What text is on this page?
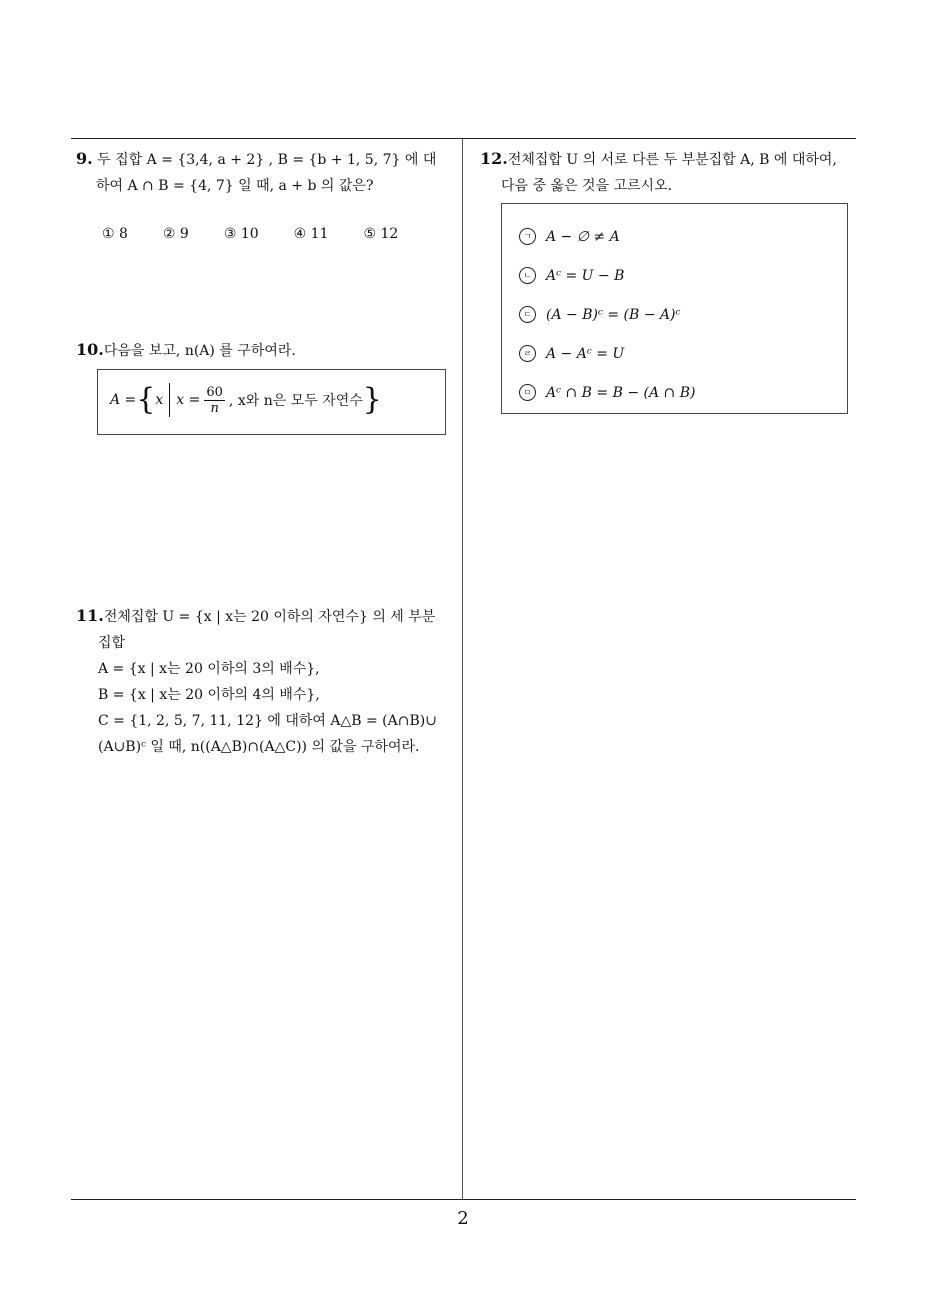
9. 두 집합 A = {3,4, a + 2} , B = {b + 1, 5, 7} 에 대
하여 A ∩ B = {4, 7} 일 때, a + b 의 값은?
① 8	② 9	③ 10	④ 11	⑤ 12
10.다음을 보고, n(A) 를 구하여라.
A = { x $x = \frac{60}{n}$ , x와 n은 모두 자연수 }
11.전체집합 U = {x | x는 20 이하의 자연수} 의 세 부분
집합
A = {x | x는 20 이하의 3의 배수},
B = {x | x는 20 이하의 4의 배수},
C = {1, 2, 5, 7, 11, 12} 에 대하여 A△B = (A∩B)∪
(A∪B)ᶜ 일 때, n((A△B)∩(A△C)) 의 값을 구하여라.
12.전체집합 U 의 서로 다른 두 부분집합 A, B 에 대하여,
다음 중 옳은 것을 고르시오.
ㄱ	A − ∅ ≠ A
ㄴ	Aᶜ = U − B
ㄷ	(A − B)ᶜ = (B − A)ᶜ
ㄹ	A − Aᶜ = U
ㅁ	Aᶜ ∩ B = B − (A ∩ B)
2
